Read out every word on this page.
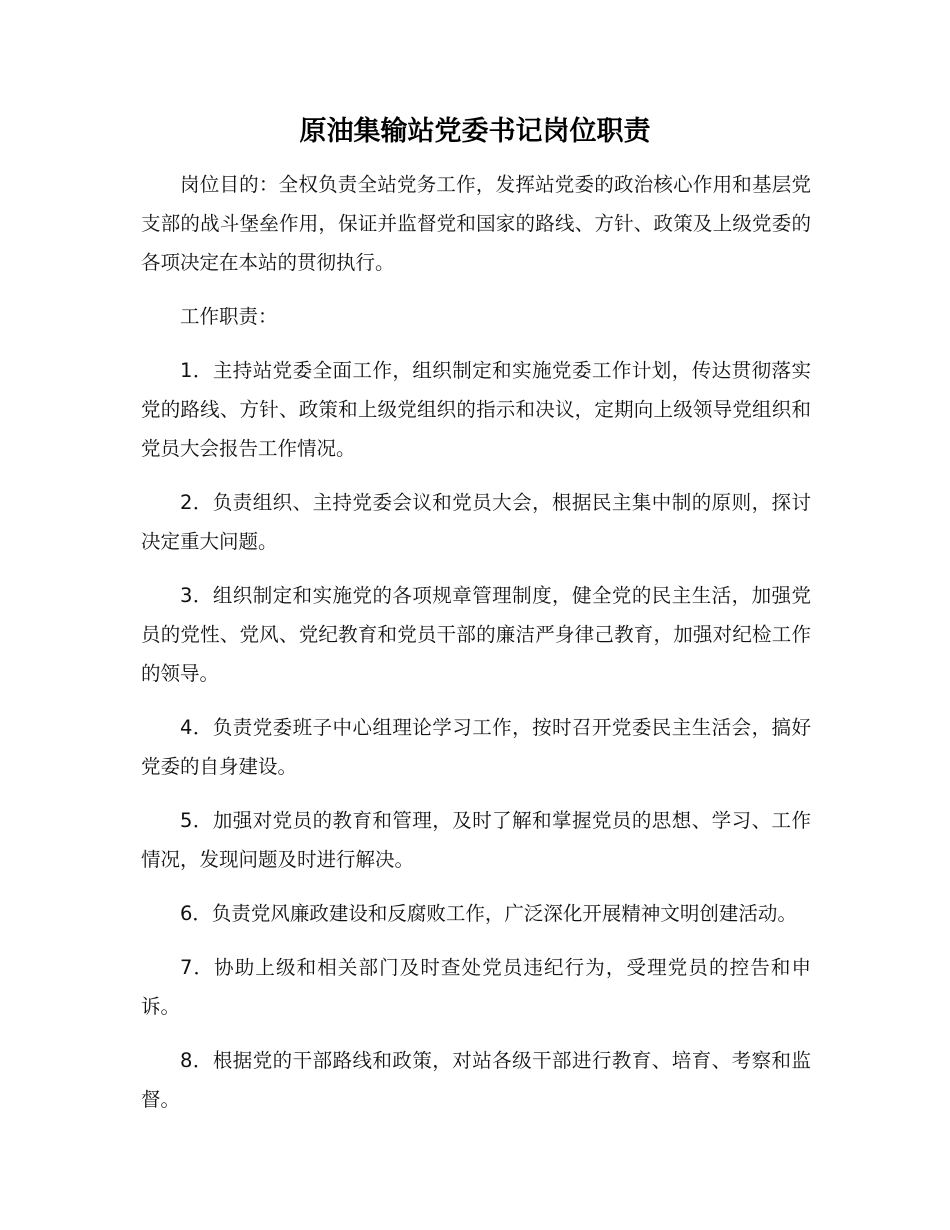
原油集输站党委书记岗位职责

岗位目的：全权负责全站党务工作，发挥站党委的政治核心作用和基层党支部的战斗堡垒作用，保证并监督党和国家的路线、方针、政策及上级党委的各项决定在本站的贯彻执行。

工作职责：

1．主持站党委全面工作，组织制定和实施党委工作计划，传达贯彻落实党的路线、方针、政策和上级党组织的指示和决议，定期向上级领导党组织和党员大会报告工作情况。

2．负责组织、主持党委会议和党员大会，根据民主集中制的原则，探讨决定重大问题。

3．组织制定和实施党的各项规章管理制度，健全党的民主生活，加强党员的党性、党风、党纪教育和党员干部的廉洁严身律己教育，加强对纪检工作的领导。

4．负责党委班子中心组理论学习工作，按时召开党委民主生活会，搞好党委的自身建设。

5．加强对党员的教育和管理，及时了解和掌握党员的思想、学习、工作情况，发现问题及时进行解决。

6．负责党风廉政建设和反腐败工作，广泛深化开展精神文明创建活动。

7．协助上级和相关部门及时查处党员违纪行为，受理党员的控告和申诉。

8．根据党的干部路线和政策，对站各级干部进行教育、培育、考察和监督。
